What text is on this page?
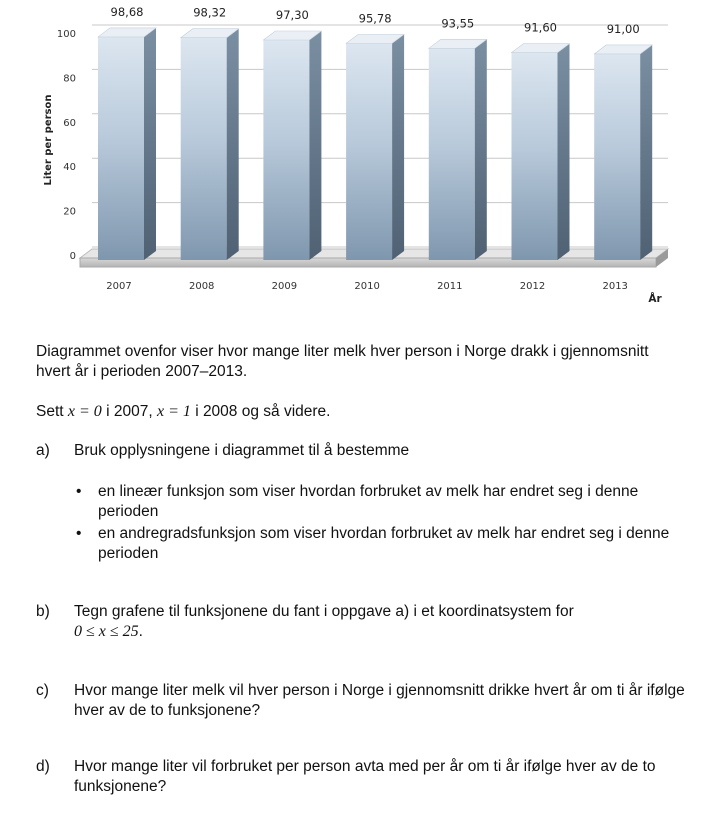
0
20
40
60
80
100
2007	2008	2009	2010	2011	2012	2013
98,68	98,32	97,30	95,78	93,55	91,60	91,00
Liter per person
År
Diagrammet ovenfor viser hvor mange liter melk hver person i Norge drakk i gjennomsnitt hvert år i perioden 2007–2013.
Sett x = 0 i 2007, x = 1 i 2008 og så videre.
a) Bruk opplysningene i diagrammet til å bestemme
• en lineær funksjon som viser hvordan forbruket av melk har endret seg i denne perioden
• en andregradsfunksjon som viser hvordan forbruket av melk har endret seg i denne perioden
b) Tegn grafene til funksjonene du fant i oppgave a) i et koordinatsystem for
0 ≤ x ≤ 25.
c) Hvor mange liter melk vil hver person i Norge i gjennomsnitt drikke hvert år om ti år ifølge hver av de to funksjonene?
d) Hvor mange liter vil forbruket per person avta med per år om ti år ifølge hver av de to funksjonene?
